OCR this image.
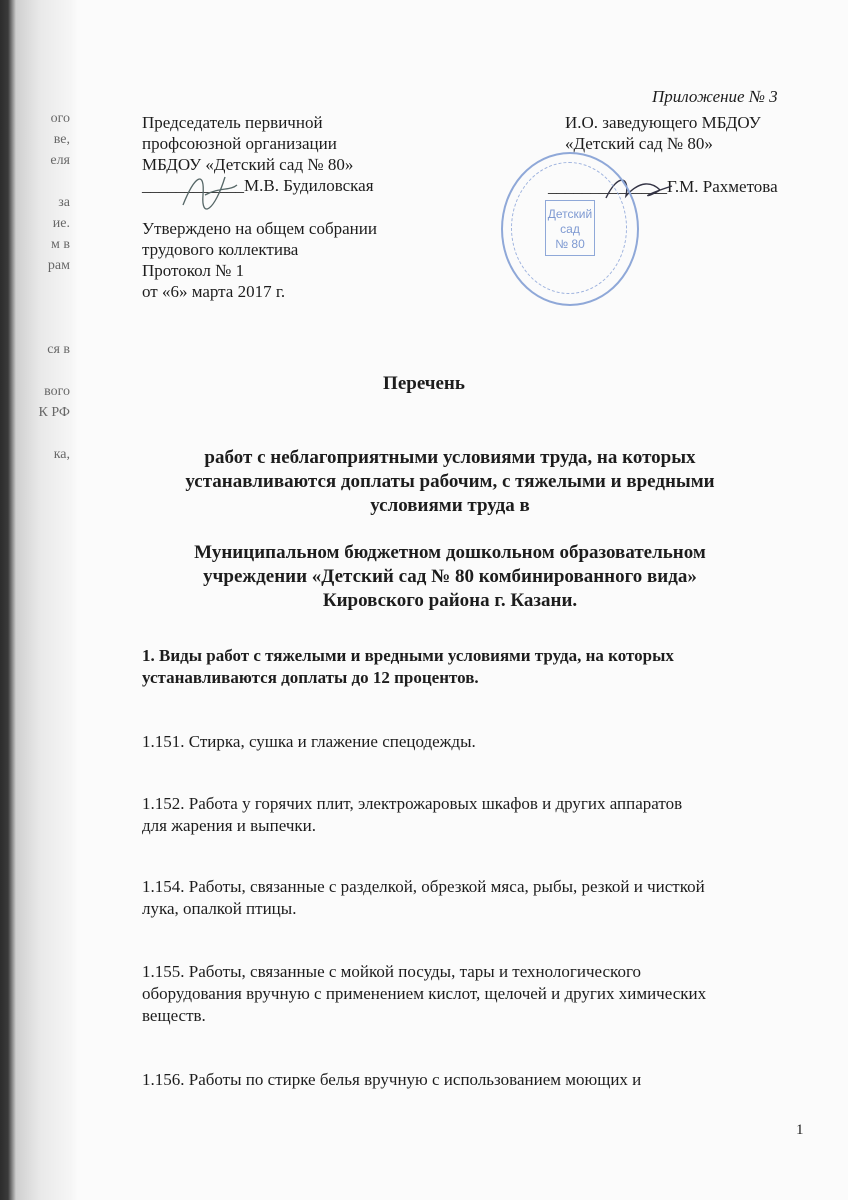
ого
ве,
еля
за
ие.
м в
рам
ся в
вого
К РФ
ка,
Приложение № 3
Председатель первичной
профсоюзной организации
МБДОУ «Детский сад № 80»
____________М.В. Будиловская
Утверждено на общем собрании
трудового коллектива
Протокол № 1
от «6» марта 2017 г.
И.О. заведующего МБДОУ
«Детский сад № 80»
______________Г.М. Рахметова
Детский
сад
№ 80
Перечень
работ с неблагоприятными условиями труда, на которых
устанавливаются доплаты рабочим, с тяжелыми и вредными
условиями труда в
Муниципальном бюджетном дошкольном образовательном
учреждении «Детский сад № 80 комбинированного вида»
Кировского района г. Казани.
1. Виды работ с тяжелыми и вредными условиями труда, на которых
устанавливаются доплаты до 12 процентов.
1.151. Стирка, сушка и глажение спецодежды.
1.152. Работа у горячих плит, электрожаровых шкафов и других аппаратов
для жарения и выпечки.
1.154. Работы, связанные с разделкой, обрезкой мяса, рыбы, резкой и чисткой
лука, опалкой птицы.
1.155. Работы, связанные с мойкой посуды, тары и технологического
оборудования вручную с применением кислот, щелочей и других химических
веществ.
1.156. Работы по стирке белья вручную с использованием моющих и
1
